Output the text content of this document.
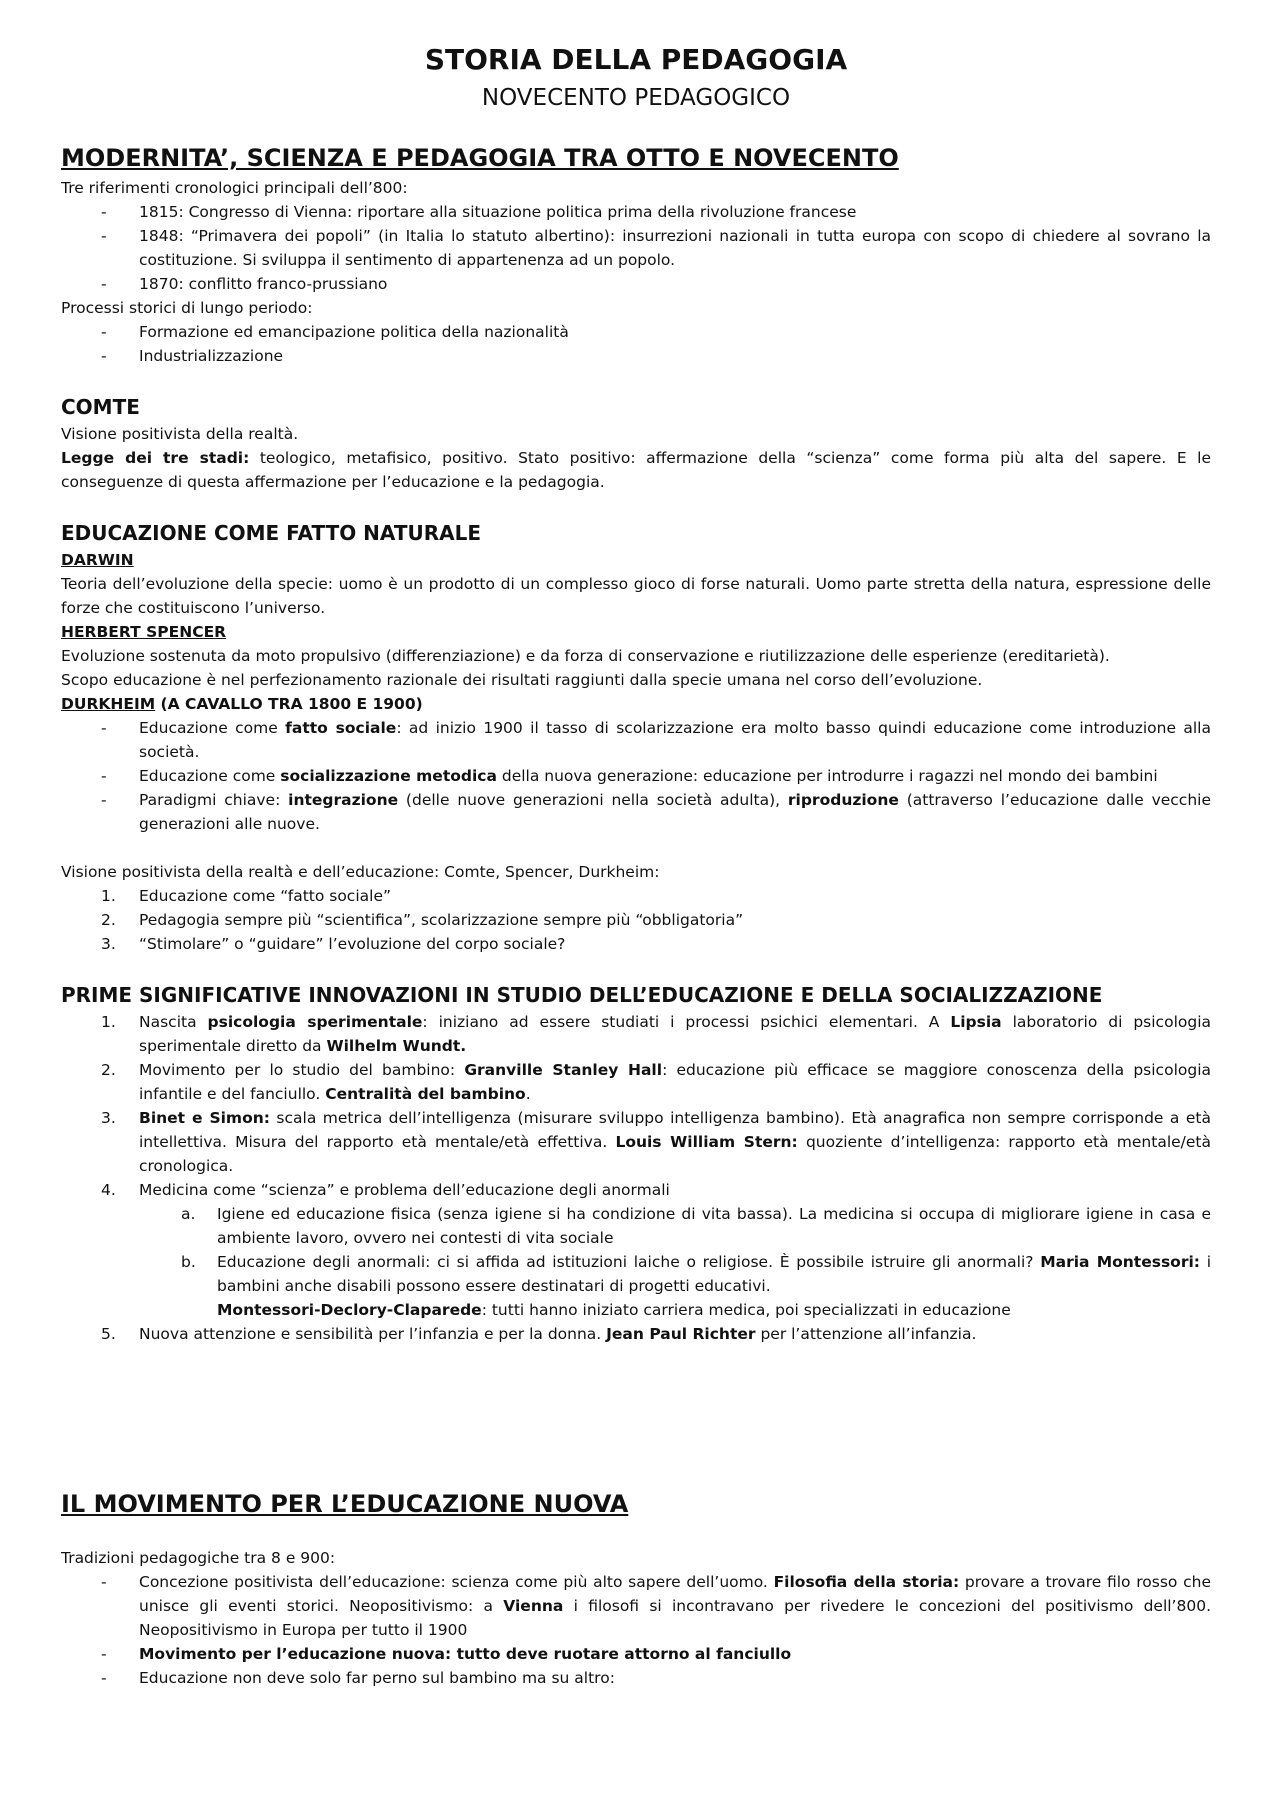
STORIA DELLA PEDAGOGIA
NOVECENTO PEDAGOGICO
MODERNITA’, SCIENZA E PEDAGOGIA TRA OTTO E NOVECENTO

Tre riferimenti cronologici principali dell’800:

-	1815: Congresso di Vienna: riportare alla situazione politica prima della rivoluzione francese
-	1848: “Primavera dei popoli” (in Italia lo statuto albertino): insurrezioni nazionali in tutta europa con scopo di chiedere al sovrano la costituzione. Si sviluppa il sentimento di appartenenza ad un popolo.
-	1870: conflitto franco-prussiano

Processi storici di lungo periodo:

-	Formazione ed emancipazione politica della nazionalità
-	Industrializzazione
COMTE

Visione positivista della realtà.

Legge dei tre stadi: teologico, metafisico, positivo. Stato positivo: affermazione della “scienza” come forma più alta del sapere. E le conseguenze di questa affermazione per l’educazione e la pedagogia.

EDUCAZIONE COME FATTO NATURALE
DARWIN

Teoria dell’evoluzione della specie: uomo è un prodotto di un complesso gioco di forse naturali. Uomo parte stretta della natura, espressione delle forze che costituiscono l’universo.

HERBERT SPENCER

Evoluzione sostenuta da moto propulsivo (differenziazione) e da forza di conservazione e riutilizzazione delle esperienze (ereditarietà).

Scopo educazione è nel perfezionamento razionale dei risultati raggiunti dalla specie umana nel corso dell’evoluzione.

DURKHEIM (A CAVALLO TRA 1800 E 1900)
-	Educazione come fatto sociale: ad inizio 1900 il tasso di scolarizzazione era molto basso quindi educazione come introduzione alla società.
-	Educazione come socializzazione metodica della nuova generazione: educazione per introdurre i ragazzi nel mondo dei bambini
-	Paradigmi chiave: integrazione (delle nuove generazioni nella società adulta), riproduzione (attraverso l’educazione dalle vecchie generazioni alle nuove.

Visione positivista della realtà e dell’educazione: Comte, Spencer, Durkheim:

1.	Educazione come “fatto sociale”
2.	Pedagogia sempre più “scientifica”, scolarizzazione sempre più “obbligatoria”
3.	“Stimolare” o “guidare” l’evoluzione del corpo sociale?
PRIME SIGNIFICATIVE INNOVAZIONI IN STUDIO DELL’EDUCAZIONE E DELLA SOCIALIZZAZIONE
1.	Nascita psicologia sperimentale: iniziano ad essere studiati i processi psichici elementari. A Lipsia laboratorio di psicologia sperimentale diretto da Wilhelm Wundt.
2.	Movimento per lo studio del bambino: Granville Stanley Hall: educazione più efficace se maggiore conoscenza della psicologia infantile e del fanciullo. Centralità del bambino.
3.	Binet e Simon: scala metrica dell’intelligenza (misurare sviluppo intelligenza bambino). Età anagrafica non sempre corrisponde a età intellettiva. Misura del rapporto età mentale/età effettiva. Louis William Stern: quoziente d’intelligenza: rapporto età mentale/età cronologica.
4.	Medicina come “scienza” e problema dell’educazione degli anormali
a.	Igiene ed educazione fisica (senza igiene si ha condizione di vita bassa). La medicina si occupa di migliorare igiene in casa e ambiente lavoro, ovvero nei contesti di vita sociale
b.	Educazione degli anormali: ci si affida ad istituzioni laiche o religiose. È possibile istruire gli anormali? Maria Montessori: i bambini anche disabili possono essere destinatari di progetti educativi.
Montessori-Declory-Claparede: tutti hanno iniziato carriera medica, poi specializzati in educazione
5.	Nuova attenzione e sensibilità per l’infanzia e per la donna. Jean Paul Richter per l’attenzione all’infanzia.
IL MOVIMENTO PER L’EDUCAZIONE NUOVA

Tradizioni pedagogiche tra 8 e 900:

-	Concezione positivista dell’educazione: scienza come più alto sapere dell’uomo. Filosofia della storia: provare a trovare filo rosso che unisce gli eventi storici. Neopositivismo: a Vienna i filosofi si incontravano per rivedere le concezioni del positivismo dell’800. Neopositivismo in Europa per tutto il 1900
-	Movimento per l’educazione nuova: tutto deve ruotare attorno al fanciullo
-	Educazione non deve solo far perno sul bambino ma su altro:
